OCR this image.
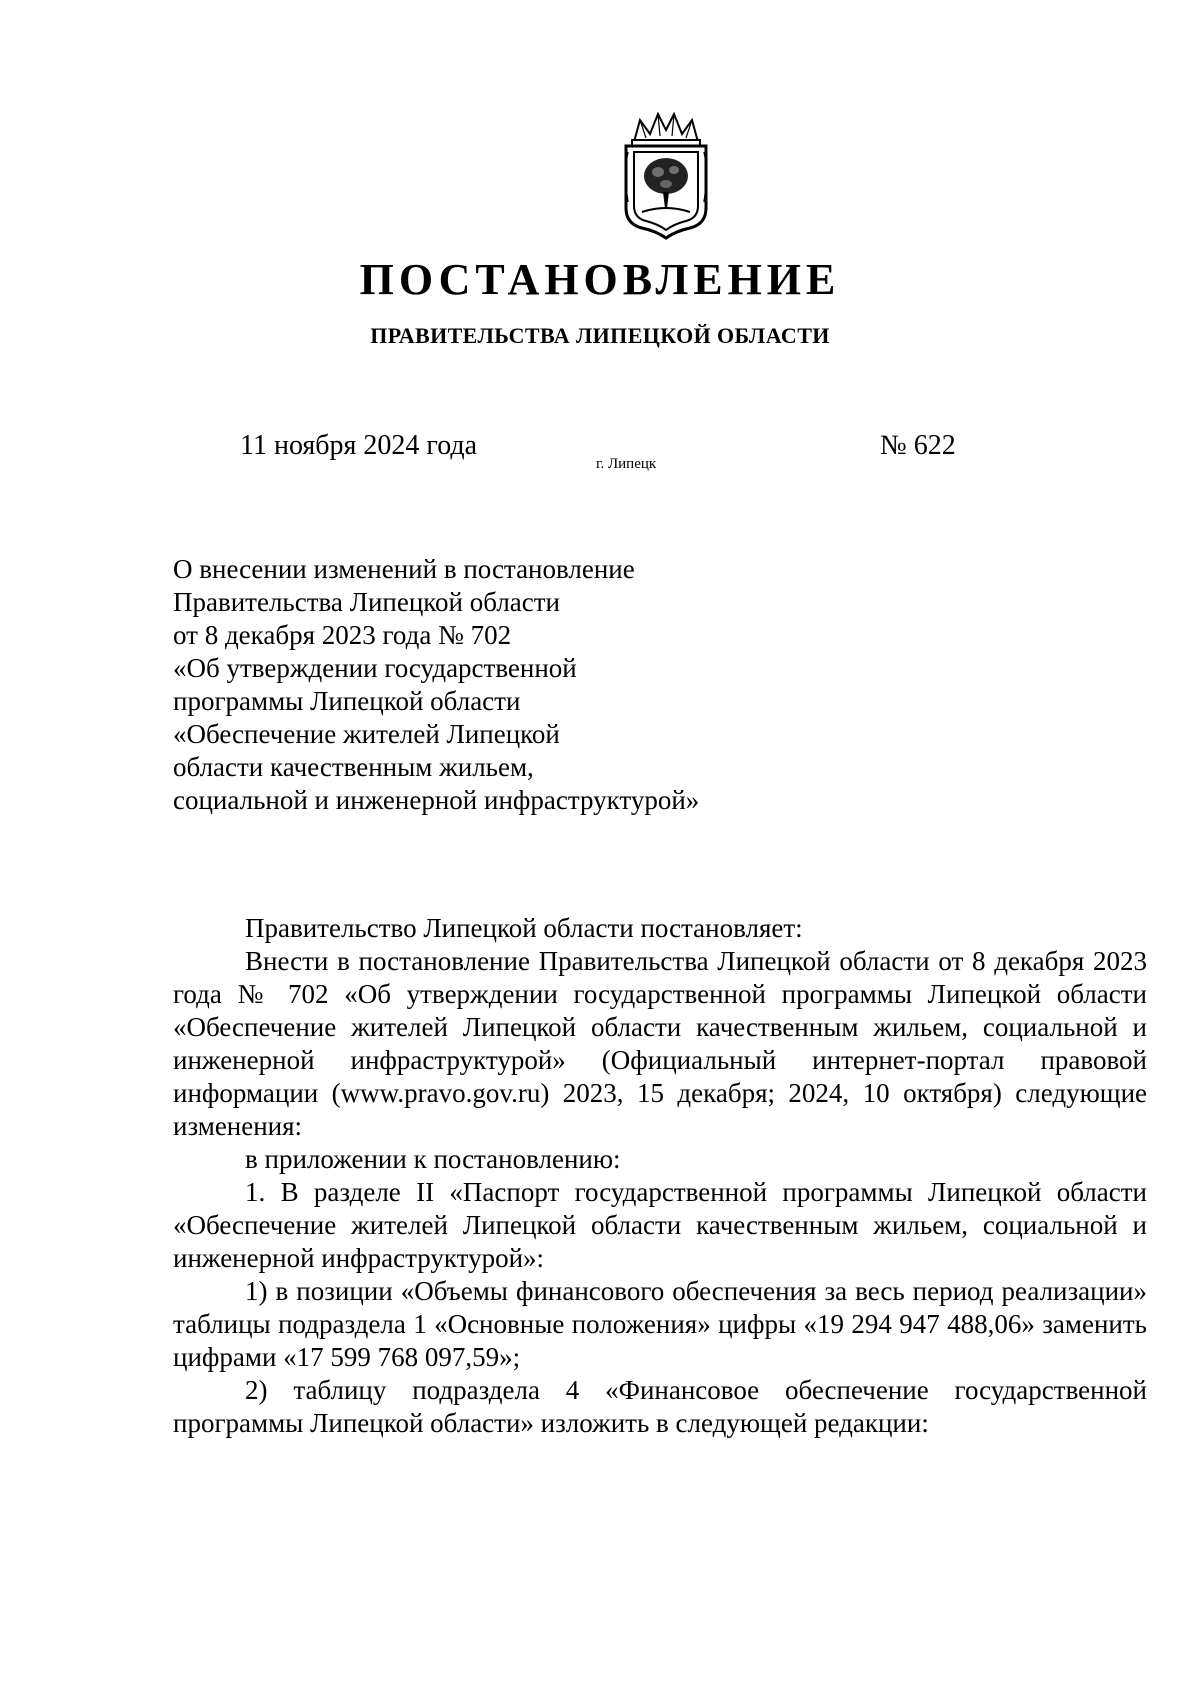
ПОСТАНОВЛЕНИЕ
ПРАВИТЕЛЬСТВА ЛИПЕЦКОЙ ОБЛАСТИ
11 ноября 2024 года
г. Липецк
№ 622
О внесении изменений в постановление
Правительства Липецкой области
от 8 декабря 2023 года № 702
«Об утверждении государственной
программы Липецкой области
«Обеспечение жителей Липецкой
области качественным жильем,
социальной и инженерной инфраструктурой»

Правительство Липецкой области постановляет:

Внести в постановление Правительства Липецкой области от 8 декабря 2023 года № 702 «Об утверждении государственной программы Липецкой области «Обеспечение жителей Липецкой области качественным жильем, социальной и инженерной инфраструктурой» (Официальный интернет-портал правовой информации (www.pravo.gov.ru) 2023, 15 декабря; 2024, 10 октября) следующие изменения:

в приложении к постановлению:

1. В разделе II «Паспорт государственной программы Липецкой области «Обеспечение жителей Липецкой области качественным жильем, социальной и инженерной инфраструктурой»:

1) в позиции «Объемы финансового обеспечения за весь период реализации» таблицы подраздела 1 «Основные положения» цифры «19 294 947 488,06» заменить цифрами «17 599 768 097,59»;

2) таблицу подраздела 4 «Финансовое обеспечение государственной программы Липецкой области» изложить в следующей редакции:
